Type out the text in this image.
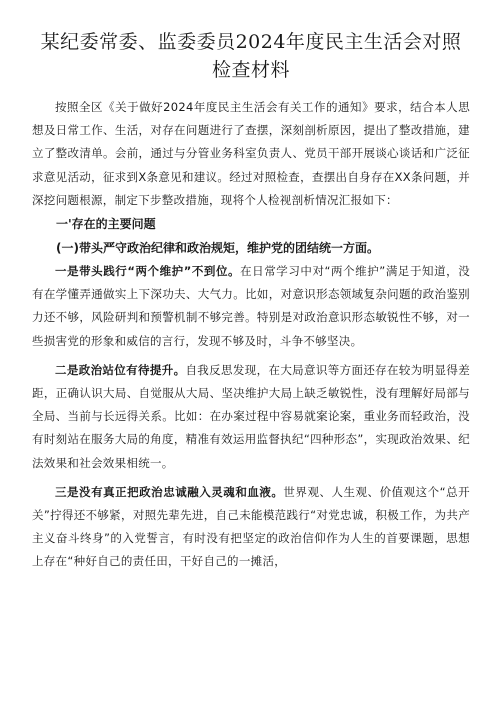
某纪委常委、监委委员2024年度民主生活会对照检查材料

按照全区《关于做好2024年度民主生活会有关工作的通知》要求，结合本人思想及日常工作、生活，对存在问题进行了查摆，深刻剖析原因，提出了整改措施，建立了整改清单。会前，通过与分管业务科室负责人、党员干部开展谈心谈话和广泛征求意见活动，征求到X条意见和建议。经过对照检查，查摆出自身存在XX条问题，并深挖问题根源，制定下步整改措施，现将个人检视剖析情况汇报如下：

一'存在的主要问题
(一)带头严守政治纪律和政治规矩，维护党的团结统一方面。

一是带头践行“两个维护”不到位。在日常学习中对“两个维护”满足于知道，没有在学懂弄通做实上下深功夫、大气力。比如，对意识形态领域复杂问题的政治鉴别力还不够，风险研判和预警机制不够完善。特别是对政治意识形态敏锐性不够，对一些损害党的形象和威信的言行，发现不够及时，斗争不够坚决。

二是政治站位有待提升。自我反思发现，在大局意识等方面还存在较为明显得差距，正确认识大局、自觉服从大局、坚决维护大局上缺乏敏锐性，没有理解好局部与全局、当前与长远得关系。比如：在办案过程中容易就案论案，重业务而轻政治，没有时刻站在服务大局的角度，精准有效运用监督执纪“四种形态”，实现政治效果、纪法效果和社会效果相统一。

三是没有真正把政治忠诚融入灵魂和血液。世界观、人生观、价值观这个“总开关”拧得还不够紧，对照先辈先进，自己未能模范践行“对党忠诚，积极工作，为共产主义奋斗终身”的入党誓言，有时没有把坚定的政治信仰作为人生的首要课题，思想上存在“种好自己的责任田，干好自己的一摊活，
